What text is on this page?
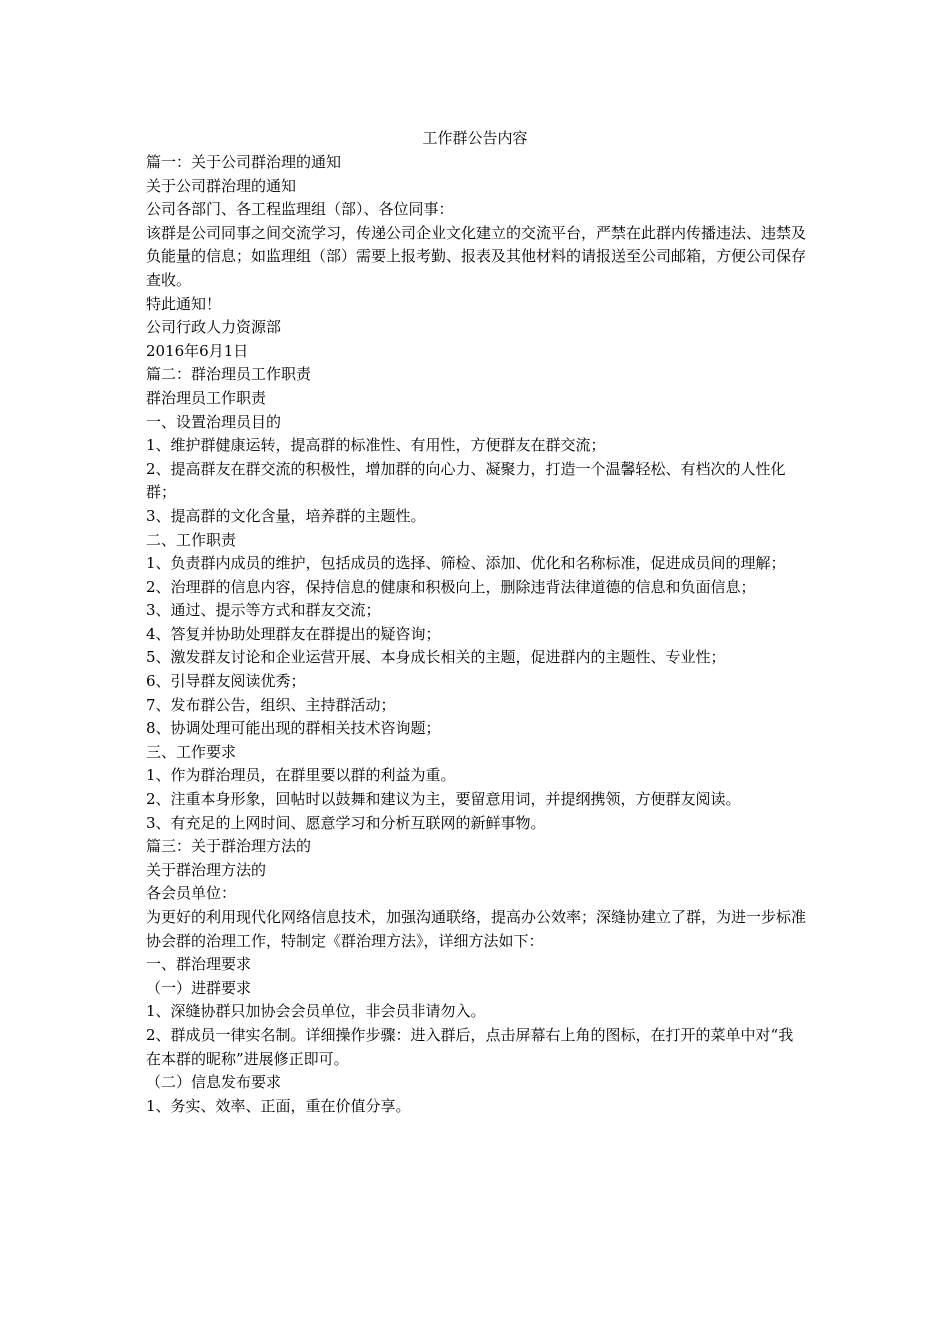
工作群公告内容

篇一：关于公司群治理的通知

关于公司群治理的通知

公司各部门、各工程监理组（部）、各位同事：

该群是公司同事之间交流学习，传递公司企业文化建立的交流平台，严禁在此群内传播违法、违禁及负能量的信息；如监理组（部）需要上报考勤、报表及其他材料的请报送至公司邮箱，方便公司保存查收。

特此通知！

公司行政人力资源部

2016年6月1日

篇二：群治理员工作职责

群治理员工作职责

一、设置治理员目的

1、维护群健康运转，提高群的标准性、有用性，方便群友在群交流；

2、提高群友在群交流的积极性，增加群的向心力、凝聚力，打造一个温馨轻松、有档次的人性化群；

3、提高群的文化含量，培养群的主题性。

二、工作职责

1、负责群内成员的维护，包括成员的选择、筛检、添加、优化和名称标准，促进成员间的理解；

2、治理群的信息内容，保持信息的健康和积极向上，删除违背法律道德的信息和负面信息；

3、通过、提示等方式和群友交流；

4、答复并协助处理群友在群提出的疑咨询；

5、激发群友讨论和企业运营开展、本身成长相关的主题，促进群内的主题性、专业性；

6、引导群友阅读优秀；

7、发布群公告，组织、主持群活动；

8、协调处理可能出现的群相关技术咨询题；

三、工作要求

1、作为群治理员，在群里要以群的利益为重。

2、注重本身形象，回帖时以鼓舞和建议为主，要留意用词，并提纲携领，方便群友阅读。

3、有充足的上网时间、愿意学习和分析互联网的新鲜事物。

篇三：关于群治理方法的

关于群治理方法的

各会员单位：

为更好的利用现代化网络信息技术，加强沟通联络，提高办公效率；深缝协建立了群，为进一步标准协会群的治理工作，特制定《群治理方法》，详细方法如下：

一、群治理要求

（一）进群要求

1、深缝协群只加协会会员单位，非会员非请勿入。

2、群成员一律实名制。详细操作步骤：进入群后，点击屏幕右上角的图标，在打开的菜单中对“我在本群的昵称”进展修正即可。

（二）信息发布要求

1、务实、效率、正面，重在价值分享。
